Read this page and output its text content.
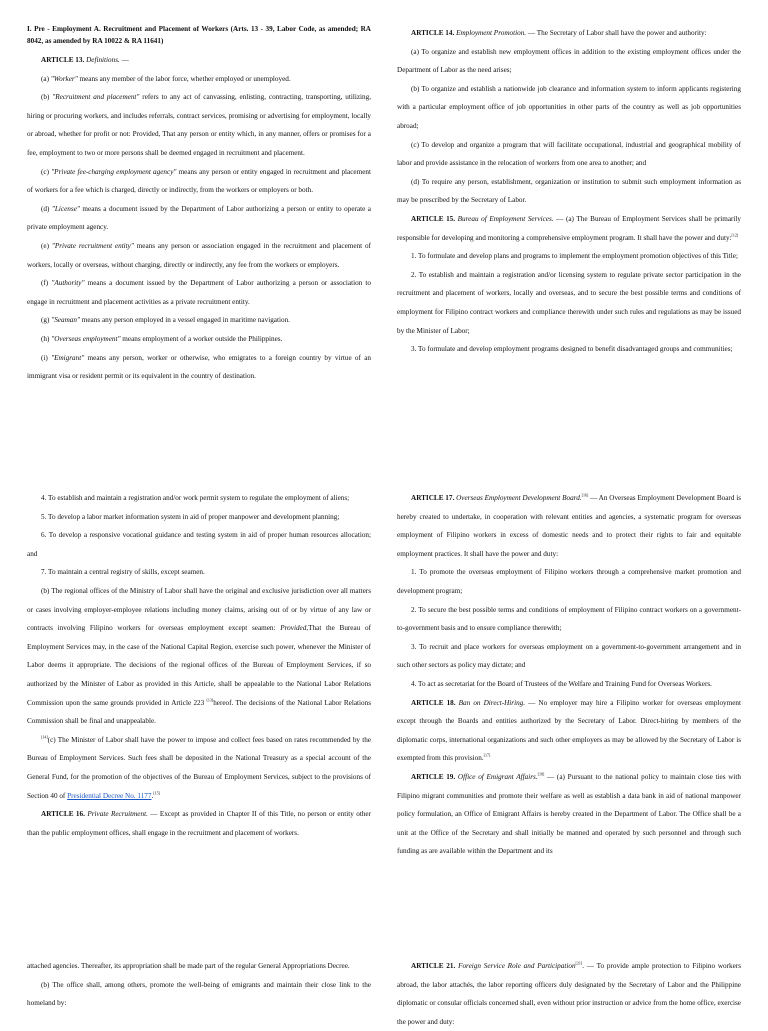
I. Pre - Employment A. Recruitment and Placement of Workers (Arts. 13 - 39, Labor Code, as amended; RA 8042, as amended by RA 10022 & RA 11641)

ARTICLE 13. Definitions. —

(a) "Worker" means any member of the labor force, whether employed or unemployed.

(b) "Recruitment and placement" refers to any act of canvassing, enlisting, contracting, transporting, utilizing, hiring or procuring workers, and includes referrals, contract services, promising or advertising for employment, locally or abroad, whether for profit or not: Provided, That any person or entity which, in any manner, offers or promises for a fee, employment to two or more persons shall be deemed engaged in recruitment and placement.

(c) "Private fee-charging employment agency" means any person or entity engaged in recruitment and placement of workers for a fee which is charged, directly or indirectly, from the workers or employers or both.

(d) "License" means a document issued by the Department of Labor authorizing a person or entity to operate a private employment agency.

(e) "Private recruitment entity" means any person or association engaged in the recruitment and placement of workers, locally or overseas, without charging, directly or indirectly, any fee from the workers or employers.

(f) "Authority" means a document issued by the Department of Labor authorizing a person or association to engage in recruitment and placement activities as a private recruitment entity.

(g) "Seaman" means any person employed in a vessel engaged in maritime navigation.

(h) "Overseas employment" means employment of a worker outside the Philippines.

(i) "Emigrant" means any person, worker or otherwise, who emigrates to a foreign country by virtue of an immigrant visa or resident permit or its equivalent in the country of destination.

ARTICLE 14. Employment Promotion. — The Secretary of Labor shall have the power and authority:

(a) To organize and establish new employment offices in addition to the existing employment offices under the Department of Labor as the need arises;

(b) To organize and establish a nationwide job clearance and information system to inform applicants registering with a particular employment office of job opportunities in other parts of the country as well as job opportunities abroad;

(c) To develop and organize a program that will facilitate occupational, industrial and geographical mobility of labor and provide assistance in the relocation of workers from one area to another; and

(d) To require any person, establishment, organization or institution to submit such employment information as may be prescribed by the Secretary of Labor.

ARTICLE 15. Bureau of Employment Services. — (a) The Bureau of Employment Services shall be primarily responsible for developing and monitoring a comprehensive employment program. It shall have the power and duty:[12]

1. To formulate and develop plans and programs to implement the employment promotion objectives of this Title;

2. To establish and maintain a registration and/or licensing system to regulate private sector participation in the recruitment and placement of workers, locally and overseas, and to secure the best possible terms and conditions of employment for Filipino contract workers and compliance therewith under such rules and regulations as may be issued by the Minister of Labor;

3. To formulate and develop employment programs designed to benefit disadvantaged groups and communities;

4. To establish and maintain a registration and/or work permit system to regulate the employment of aliens;

5. To develop a labor market information system in aid of proper manpower and development planning;

6. To develop a responsive vocational guidance and testing system in aid of proper human resources allocation; and

7. To maintain a central registry of skills, except seamen.

(b) The regional offices of the Ministry of Labor shall have the original and exclusive jurisdiction over all matters or cases involving employer-employee relations including money claims, arising out of or by virtue of any law or contracts involving Filipino workers for overseas employment except seamen: Provided,That the Bureau of Employment Services may, in the case of the National Capital Region, exercise such power, whenever the Minister of Labor deems it appropriate. The decisions of the regional offices of the Bureau of Employment Services, if so authorized by the Minister of Labor as provided in this Article, shall be appealable to the National Labor Relations Commission upon the same grounds provided in Article 223 [13]hereof. The decisions of the National Labor Relations Commission shall be final and unappealable.

[14](c) The Minister of Labor shall have the power to impose and collect fees based on rates recommended by the Bureau of Employment Services. Such fees shall be deposited in the National Treasury as a special account of the General Fund, for the promotion of the objectives of the Bureau of Employment Services, subject to the provisions of Section 40 of Presidential Decree No. 1177.[15]

ARTICLE 16. Private Recruitment. — Except as provided in Chapter II of this Title, no person or entity other than the public employment offices, shall engage in the recruitment and placement of workers.

ARTICLE 17. Overseas Employment Development Board.[16] — An Overseas Employment Development Board is hereby created to undertake, in cooperation with relevant entities and agencies, a systematic program for overseas employment of Filipino workers in excess of domestic needs and to protect their rights to fair and equitable employment practices. It shall have the power and duty:

1. To promote the overseas employment of Filipino workers through a comprehensive market promotion and development program;

2. To secure the best possible terms and conditions of employment of Filipino contract workers on a government-to-government basis and to ensure compliance therewith;

3. To recruit and place workers for overseas employment on a government-to-government arrangement and in such other sectors as policy may dictate; and

4. To act as secretariat for the Board of Trustees of the Welfare and Training Fund for Overseas Workers.

ARTICLE 18. Ban on Direct-Hiring. — No employer may hire a Filipino worker for overseas employment except through the Boards and entities authorized by the Secretary of Labor. Direct-hiring by members of the diplomatic corps, international organizations and such other employers as may be allowed by the Secretary of Labor is exempted from this provision.[17]

ARTICLE 19. Office of Emigrant Affairs.[18] — (a) Pursuant to the national policy to maintain close ties with Filipino migrant communities and promote their welfare as well as establish a data bank in aid of national manpower policy formulation, an Office of Emigrant Affairs is hereby created in the Department of Labor. The Office shall be a unit at the Office of the Secretary and shall initially be manned and operated by such personnel and through such funding as are available within the Department and its

attached agencies. Thereafter, its appropriation shall be made part of the regular General Appropriations Decree.

(b) The office shall, among others, promote the well-being of emigrants and maintain their close link to the homeland by:

ARTICLE 21. Foreign Service Role and Participation[21]. — To provide ample protection to Filipino workers abroad, the labor attachés, the labor reporting officers duly designated by the Secretary of Labor and the Philippine diplomatic or consular officials concerned shall, even without prior instruction or advice from the home office, exercise the power and duty:
